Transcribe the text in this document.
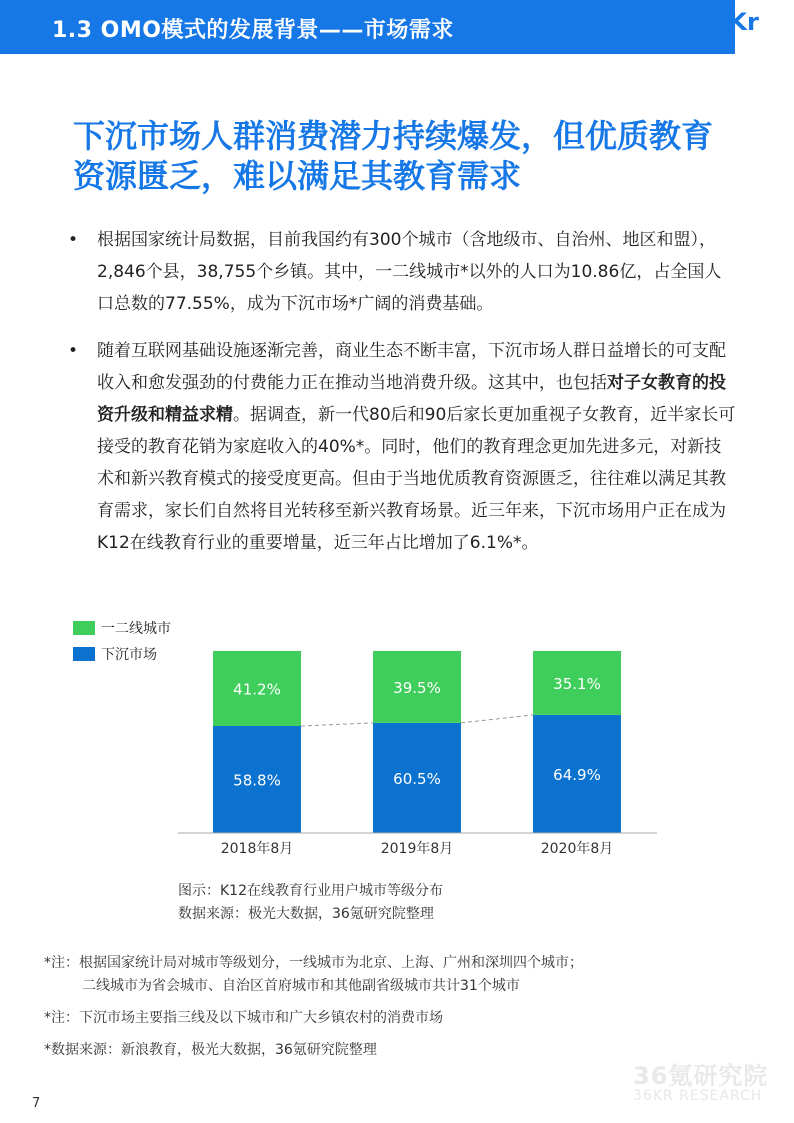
1.3 OMO模式的发展背景——市场需求	36Kr
下沉市场人群消费潜力持续爆发，但优质教育资源匮乏，难以满足其教育需求
• 根据国家统计局数据，目前我国约有300个城市（含地级市、自治州、地区和盟），2,846个县，38,755个乡镇。其中，一二线城市*以外的人口为10.86亿，占全国人口总数的77.55%，成为下沉市场*广阔的消费基础。
• 随着互联网基础设施逐渐完善，商业生态不断丰富，下沉市场人群日益增长的可支配收入和愈发强劲的付费能力正在推动当地消费升级。这其中，也包括对子女教育的投资升级和精益求精。据调查，新一代80后和90后家长更加重视子女教育，近半家长可接受的教育花销为家庭收入的40%*。同时，他们的教育理念更加先进多元，对新技术和新兴教育模式的接受度更高。但由于当地优质教育资源匮乏，往往难以满足其教育需求，家长们自然将目光转移至新兴教育场景。近三年来，下沉市场用户正在成为K12在线教育行业的重要增量，近三年占比增加了6.1%*。
一二线城市
下沉市场
58.8%
41.2%
2018年8月
60.5%
39.5%
2019年8月
64.9%
35.1%
2020年8月
图示：K12在线教育行业用户城市等级分布
数据来源：极光大数据，36氪研究院整理
*注：根据国家统计局对城市等级划分，一线城市为北京、上海、广州和深圳四个城市；
二线城市为省会城市、自治区首府城市和其他副省级城市共计31个城市
*注：下沉市场主要指三线及以下城市和广大乡镇农村的消费市场
*数据来源：新浪教育，极光大数据，36氪研究院整理
36氪研究院
36KR RESEARCH
7
